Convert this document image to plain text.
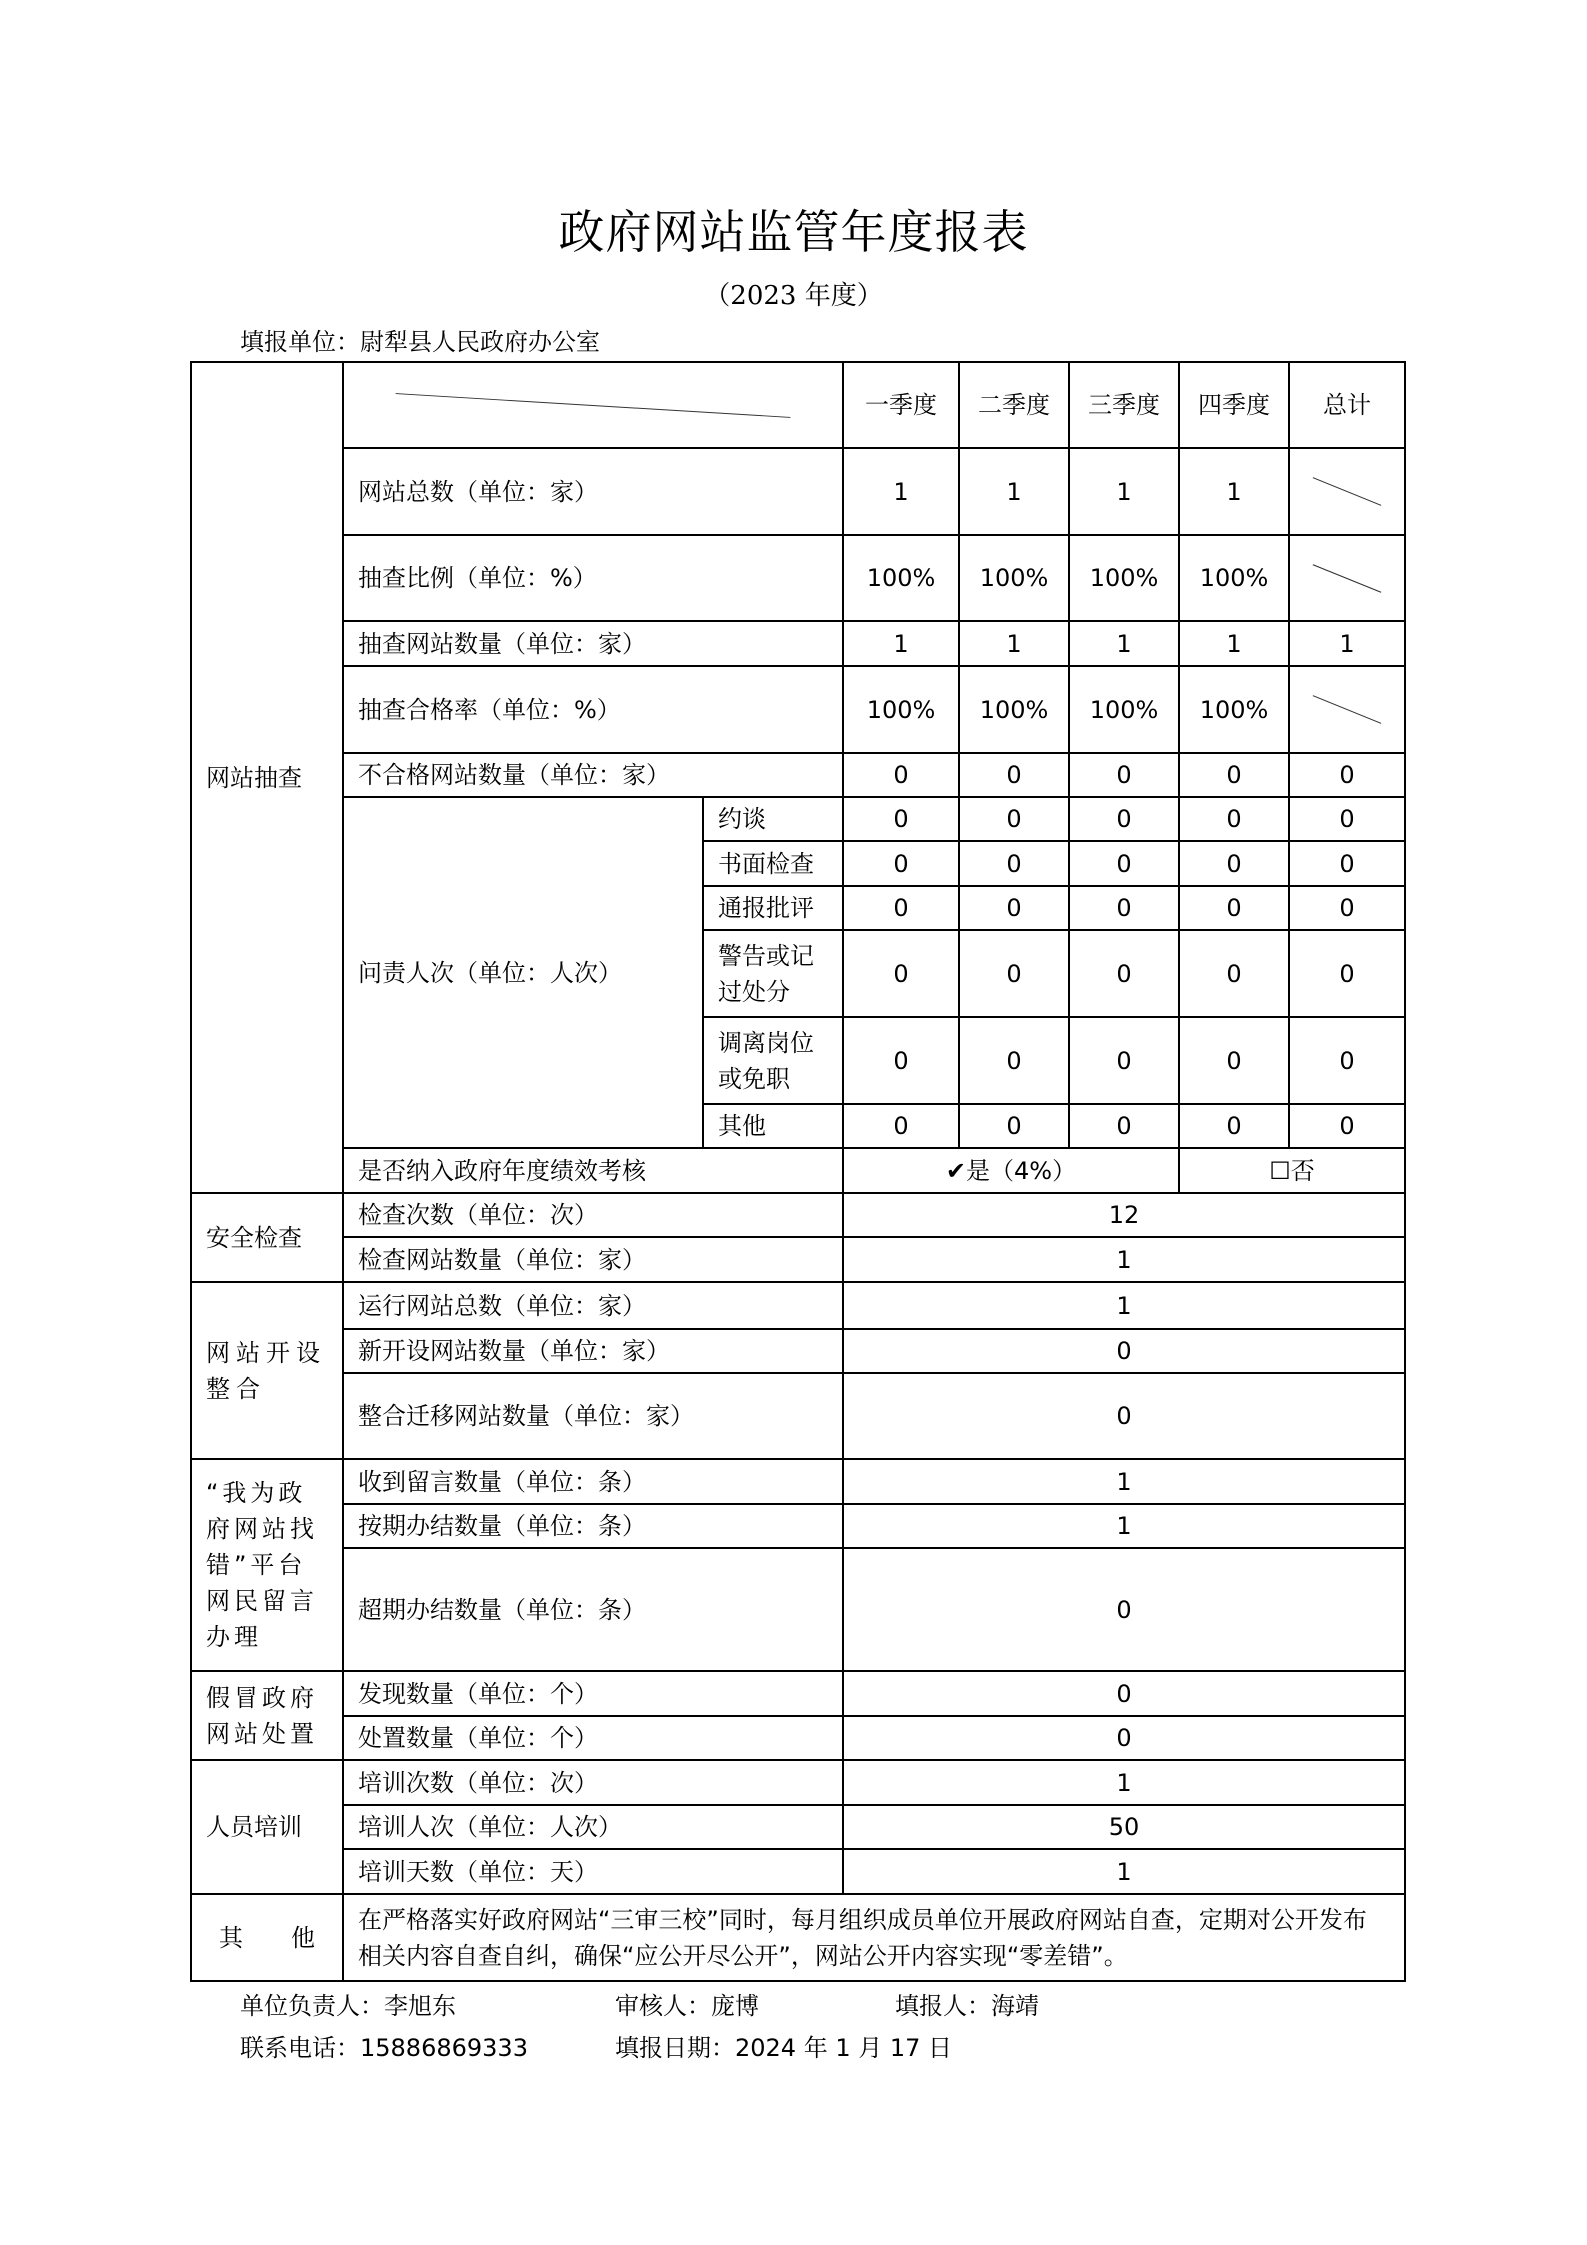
政府网站监管年度报表
（2023 年度）
填报单位：尉犁县人民政府办公室
网站抽查			一季度	二季度	三季度	四季度	总计
	网站总数（单位：家）		1	1	1	1	

	抽查比例（单位：%）		100%	100%	100%	100%	

	抽查网站数量（单位：家）		1	1	1	1	1
	抽查合格率（单位：%）		100%	100%	100%	100%	

	不合格网站数量（单位：家）		0	0	0	0	0
	问责人次（单位：人次）	约谈	0	0	0	0	0
		书面检查	0	0	0	0	0
		通报批评	0	0	0	0	0
		警告或记过处分	0	0	0	0	0
		调离岗位或免职	0	0	0	0	0
		其他	0	0	0	0	0
	是否纳入政府年度绩效考核		✔是（4%）			☐否	
安全检查	检查次数（单位：次）		12				
	检查网站数量（单位：家）		1				
网站开设整合	运行网站总数（单位：家）		1				
	新开设网站数量（单位：家）		0				
	整合迁移网站数量（单位：家）		0				
“我为政府网站找错”平台网民留言办理	收到留言数量（单位：条）		1				
	按期办结数量（单位：条）		1				
	超期办结数量（单位：条）		0				
假冒政府网站处置	发现数量（单位：个）		0				
	处置数量（单位：个）		0				
人员培训	培训次数（单位：次）		1				
	培训人次（单位：人次）		50				
	培训天数（单位：天）		1				
其　　他	在严格落实好政府网站“三审三校”同时，每月组织成员单位开展政府网站自查，定期对公开发布相关内容自查自纠，确保“应公开尽公开”，网站公开内容实现“零差错”。						
单位负责人：李旭东	审核人：庞博	填报人：海靖
联系电话：15886869333	填报日期：2024 年 1 月 17 日
